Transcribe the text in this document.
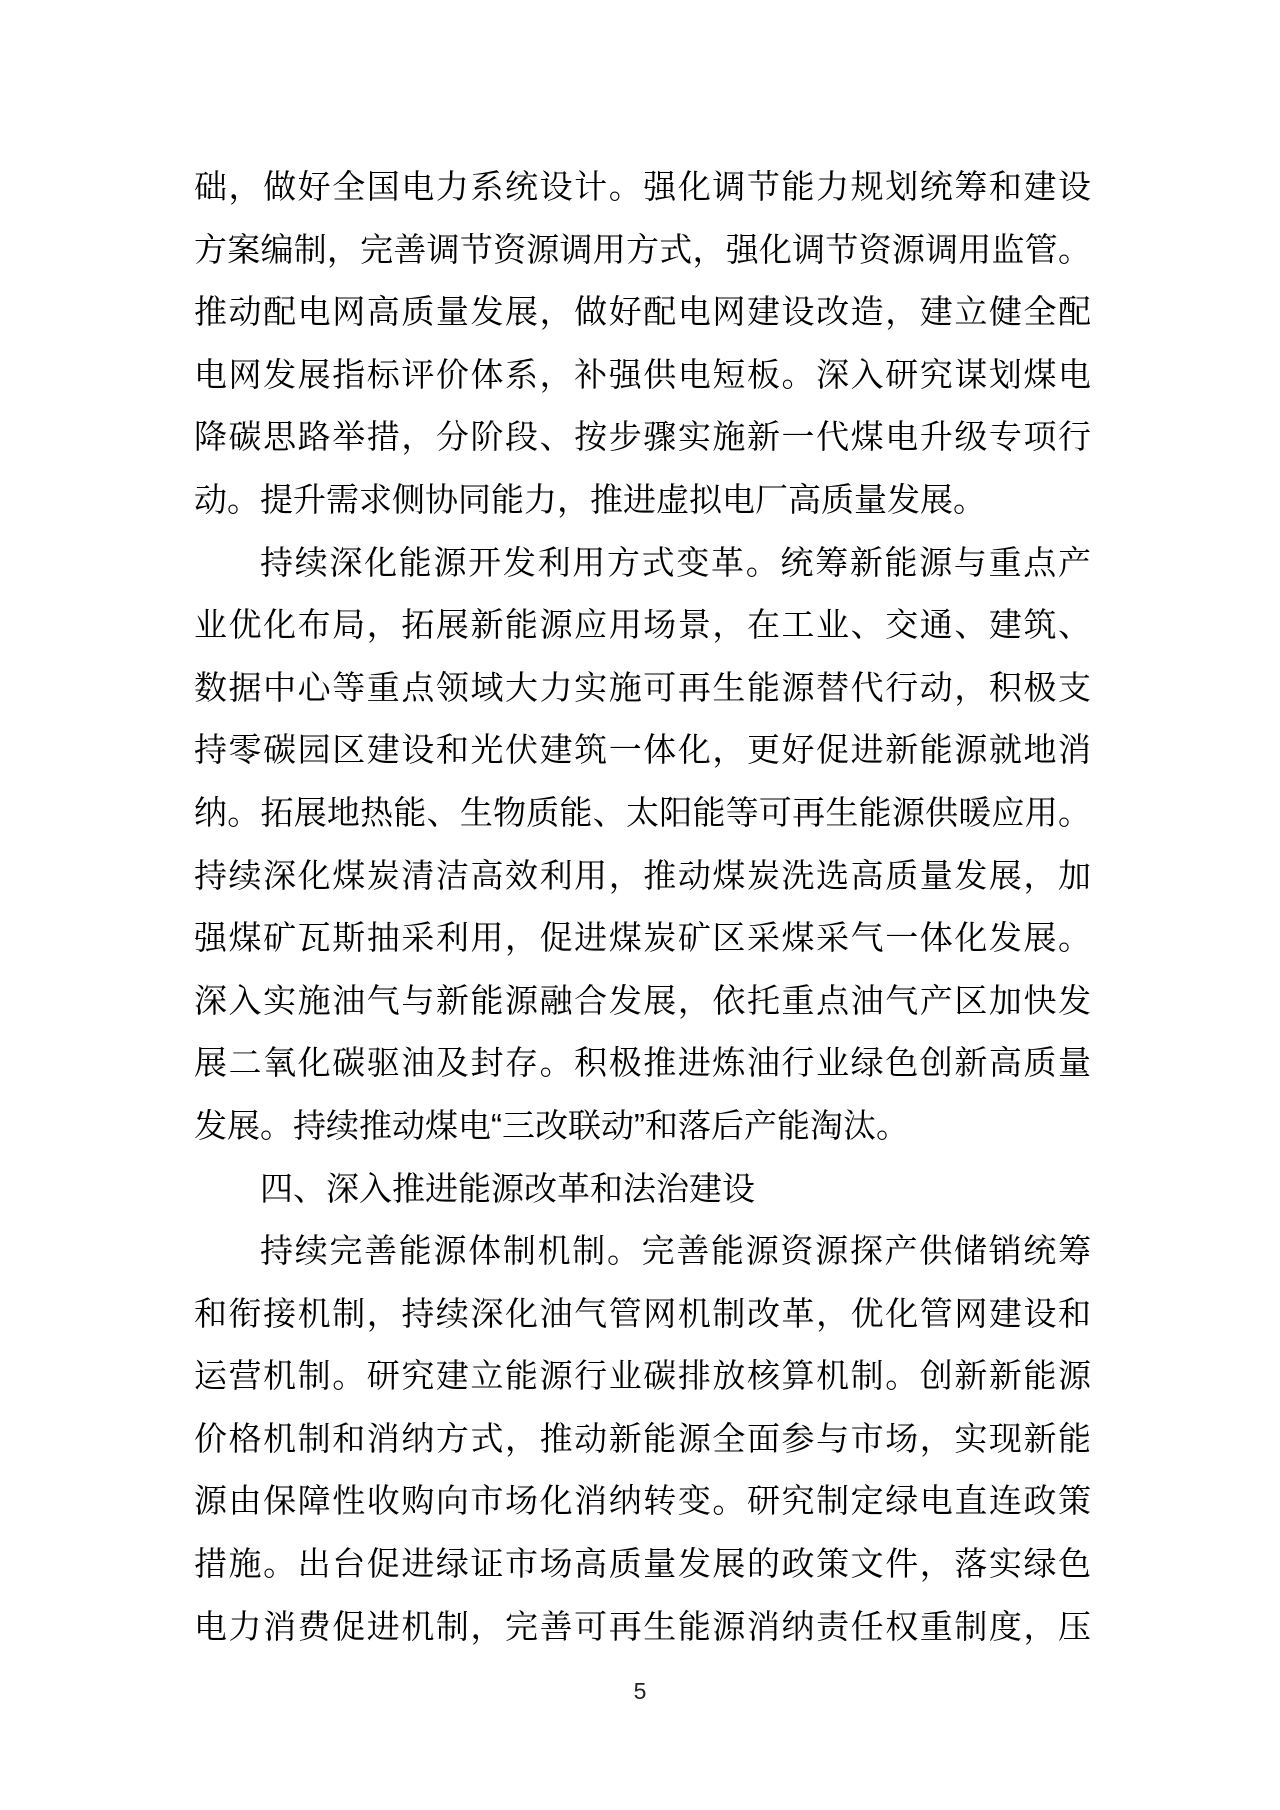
础，做好全国电力系统设计。强化调节能力规划统筹和建设
方案编制，完善调节资源调用方式，强化调节资源调用监管。
推动配电网高质量发展，做好配电网建设改造，建立健全配
电网发展指标评价体系，补强供电短板。深入研究谋划煤电
降碳思路举措，分阶段、按步骤实施新一代煤电升级专项行
动。提升需求侧协同能力，推进虚拟电厂高质量发展。
持续深化能源开发利用方式变革。统筹新能源与重点产
业优化布局，拓展新能源应用场景，在工业、交通、建筑、
数据中心等重点领域大力实施可再生能源替代行动，积极支
持零碳园区建设和光伏建筑一体化，更好促进新能源就地消
纳。拓展地热能、生物质能、太阳能等可再生能源供暖应用。
持续深化煤炭清洁高效利用，推动煤炭洗选高质量发展，加
强煤矿瓦斯抽采利用，促进煤炭矿区采煤采气一体化发展。
深入实施油气与新能源融合发展，依托重点油气产区加快发
展二氧化碳驱油及封存。积极推进炼油行业绿色创新高质量
发展。持续推动煤电“三改联动”和落后产能淘汰。
四、深入推进能源改革和法治建设
持续完善能源体制机制。完善能源资源探产供储销统筹
和衔接机制，持续深化油气管网机制改革，优化管网建设和
运营机制。研究建立能源行业碳排放核算机制。创新新能源
价格机制和消纳方式，推动新能源全面参与市场，实现新能
源由保障性收购向市场化消纳转变。研究制定绿电直连政策
措施。出台促进绿证市场高质量发展的政策文件，落实绿色
电力消费促进机制，完善可再生能源消纳责任权重制度，压
5
